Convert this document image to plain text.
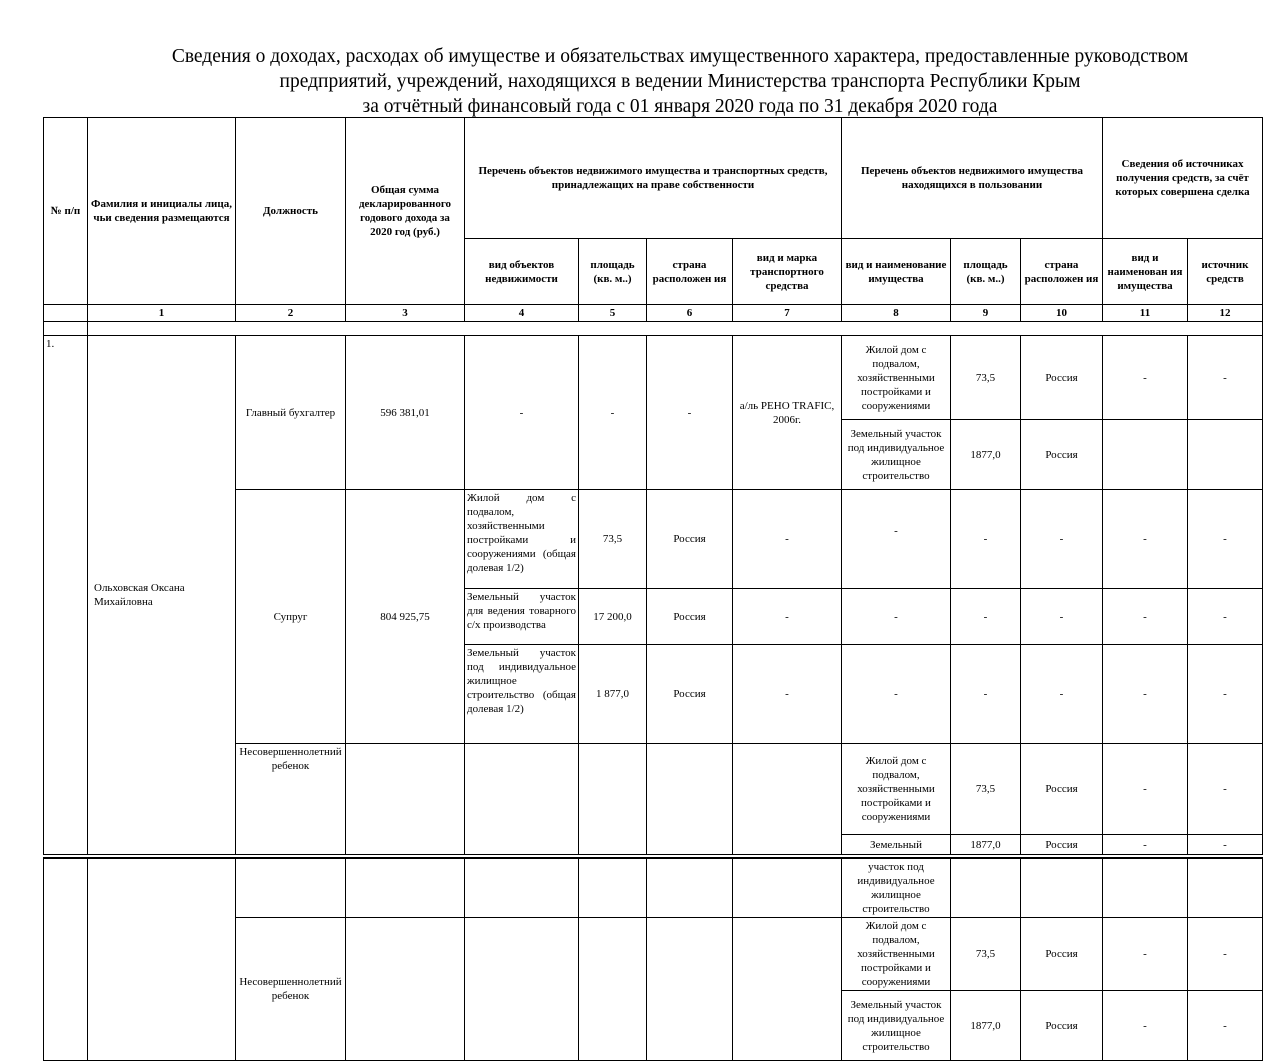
Сведения о доходах, расходах об имуществе и обязательствах имущественного характера, предоставленные руководством
предприятий, учреждений, находящихся в ведении Министерства транспорта Республики Крым
за отчётный финансовый года с 01 января 2020 года по 31 декабря 2020 года
№ п/п	Фамилия и инициалы лица, чьи сведения размещаются	Должность	Общая сумма декларированного годового дохода за 2020 год (руб.)	Перечень объектов недвижимого имущества и транспортных средств, принадлежащих на праве собственности				Перечень объектов недвижимого имущества находящихся в пользовании			Сведения об источниках получения средств, за счёт которых совершена сделка	
				вид объектов недвижимости	площадь (кв. м..)	страна расположен ия	вид и марка транспортного средства	вид и наименование имущества	площадь (кв. м..)	страна расположен ия	вид и наименован ия имущества	источник средств
	1	2	3	4	5	6	7	8	9	10	11	12

1.	Ольховская Оксана Михайловна	Главный бухгалтер	596 381,01	-	-	-	а/ль РЕНО TRAFIC, 2006г.	Жилой дом с подвалом, хозяйственными постройками и сооружениями	73,5	Россия	-	-
								Земельный участок под индивидуальное жилищное строительство	1877,0	Россия		
		Супруг	804 925,75	Жилой дом с подвалом, хозяйственными постройками и сооружениями (общая долевая 1/2)	73,5	Россия	-	-	-	-	-	-
				Земельный участок для ведения товарного с/х производства	17 200,0	Россия	-	-	-	-	-	-
				Земельный участок под индивидуальное жилищное строительство (общая долевая 1/2)	1 877,0	Россия	-	-	-	-	-	-
		Несовершеннолетний ребенок						Жилой дом с подвалом, хозяйственными постройками и сооружениями	73,5	Россия	-	-
								Земельный	1877,0	Россия	-	-
								участок под индивидуальное жилищное строительство				
		Несовершеннолетний ребенок						Жилой дом с подвалом, хозяйственными постройками и сооружениями	73,5	Россия	-	-
								Земельный участок под индивидуальное жилищное строительство	1877,0	Россия	-	-
